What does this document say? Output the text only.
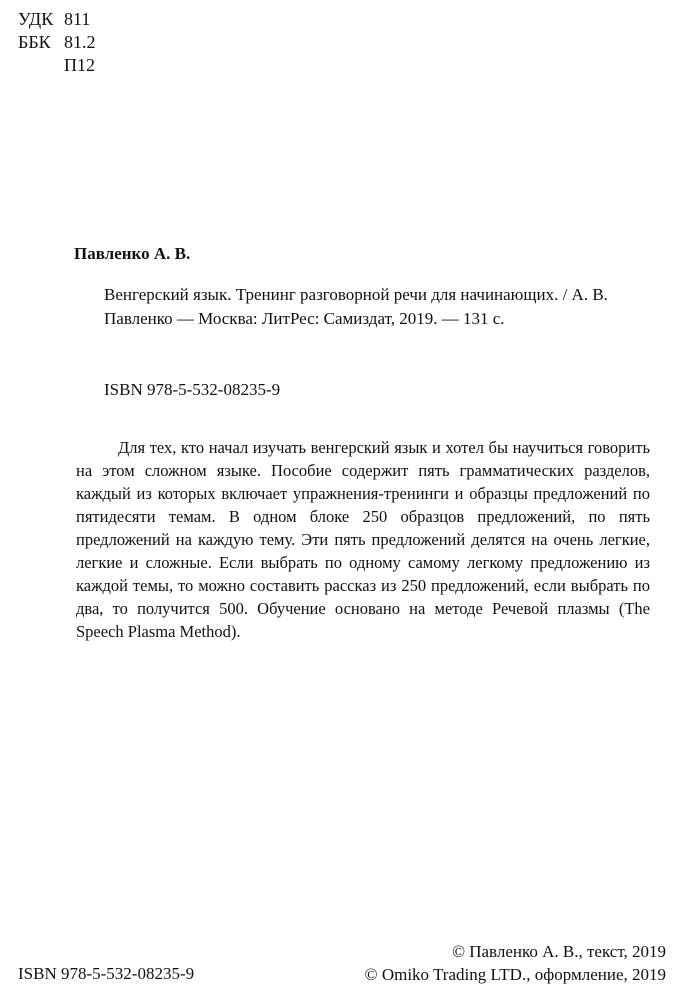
УДК 811
ББК 81.2
П12
Павленко А. В.
Венгерский язык. Тренинг разговорной речи для начинающих. / А. В. Павленко — Москва: ЛитРес: Самиздат, 2019. — 131 с.
ISBN 978-5-532-08235-9
Для тех, кто начал изучать венгерский язык и хотел бы научиться говорить на этом сложном языке. Пособие содержит пять грамматических разделов, каждый из которых включает упражнения-тренинги и образцы предложений по пятидесяти темам. В одном блоке 250 образцов предложений, по пять предложений на каждую тему. Эти пять предложений делятся на очень легкие, легкие и сложные. Если выбрать по одному самому легкому предложению из каждой темы, то можно составить рассказ из 250 предложений, если выбрать по два, то получится 500. Обучение основано на методе Речевой плазмы (The Speech Plasma Method).
© Павленко А. В., текст, 2019
© Omiko Trading LTD., оформление, 2019
ISBN 978-5-532-08235-9
